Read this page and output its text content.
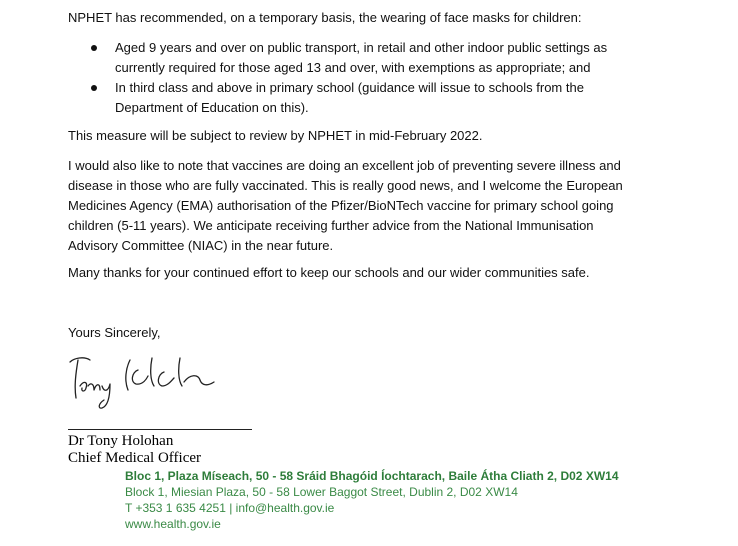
NPHET has recommended, on a temporary basis, the wearing of face masks for children:

Aged 9 years and over on public transport, in retail and other indoor public settings as
currently required for those aged 13 and over, with exemptions as appropriate; and
In third class and above in primary school (guidance will issue to schools from the
Department of Education on this).

This measure will be subject to review by NPHET in mid-February 2022.

I would also like to note that vaccines are doing an excellent job of preventing severe illness and
disease in those who are fully vaccinated. This is really good news, and I welcome the European
Medicines Agency (EMA) authorisation of the Pfizer/BioNTech vaccine for primary school going
children (5-11 years). We anticipate receiving further advice from the National Immunisation
Advisory Committee (NIAC) in the near future.

Many thanks for your continued effort to keep our schools and our wider communities safe.

Yours Sincerely,

Dr Tony Holohan
Chief Medical Officer
Bloc 1, Plaza Míseach, 50 - 58 Sráid Bhagóid Íochtarach, Baile Átha Cliath 2, D02 XW14
Block 1, Miesian Plaza, 50 - 58 Lower Baggot Street, Dublin 2, D02 XW14
T +353 1 635 4251 | info@health.gov.ie
www.health.gov.ie
